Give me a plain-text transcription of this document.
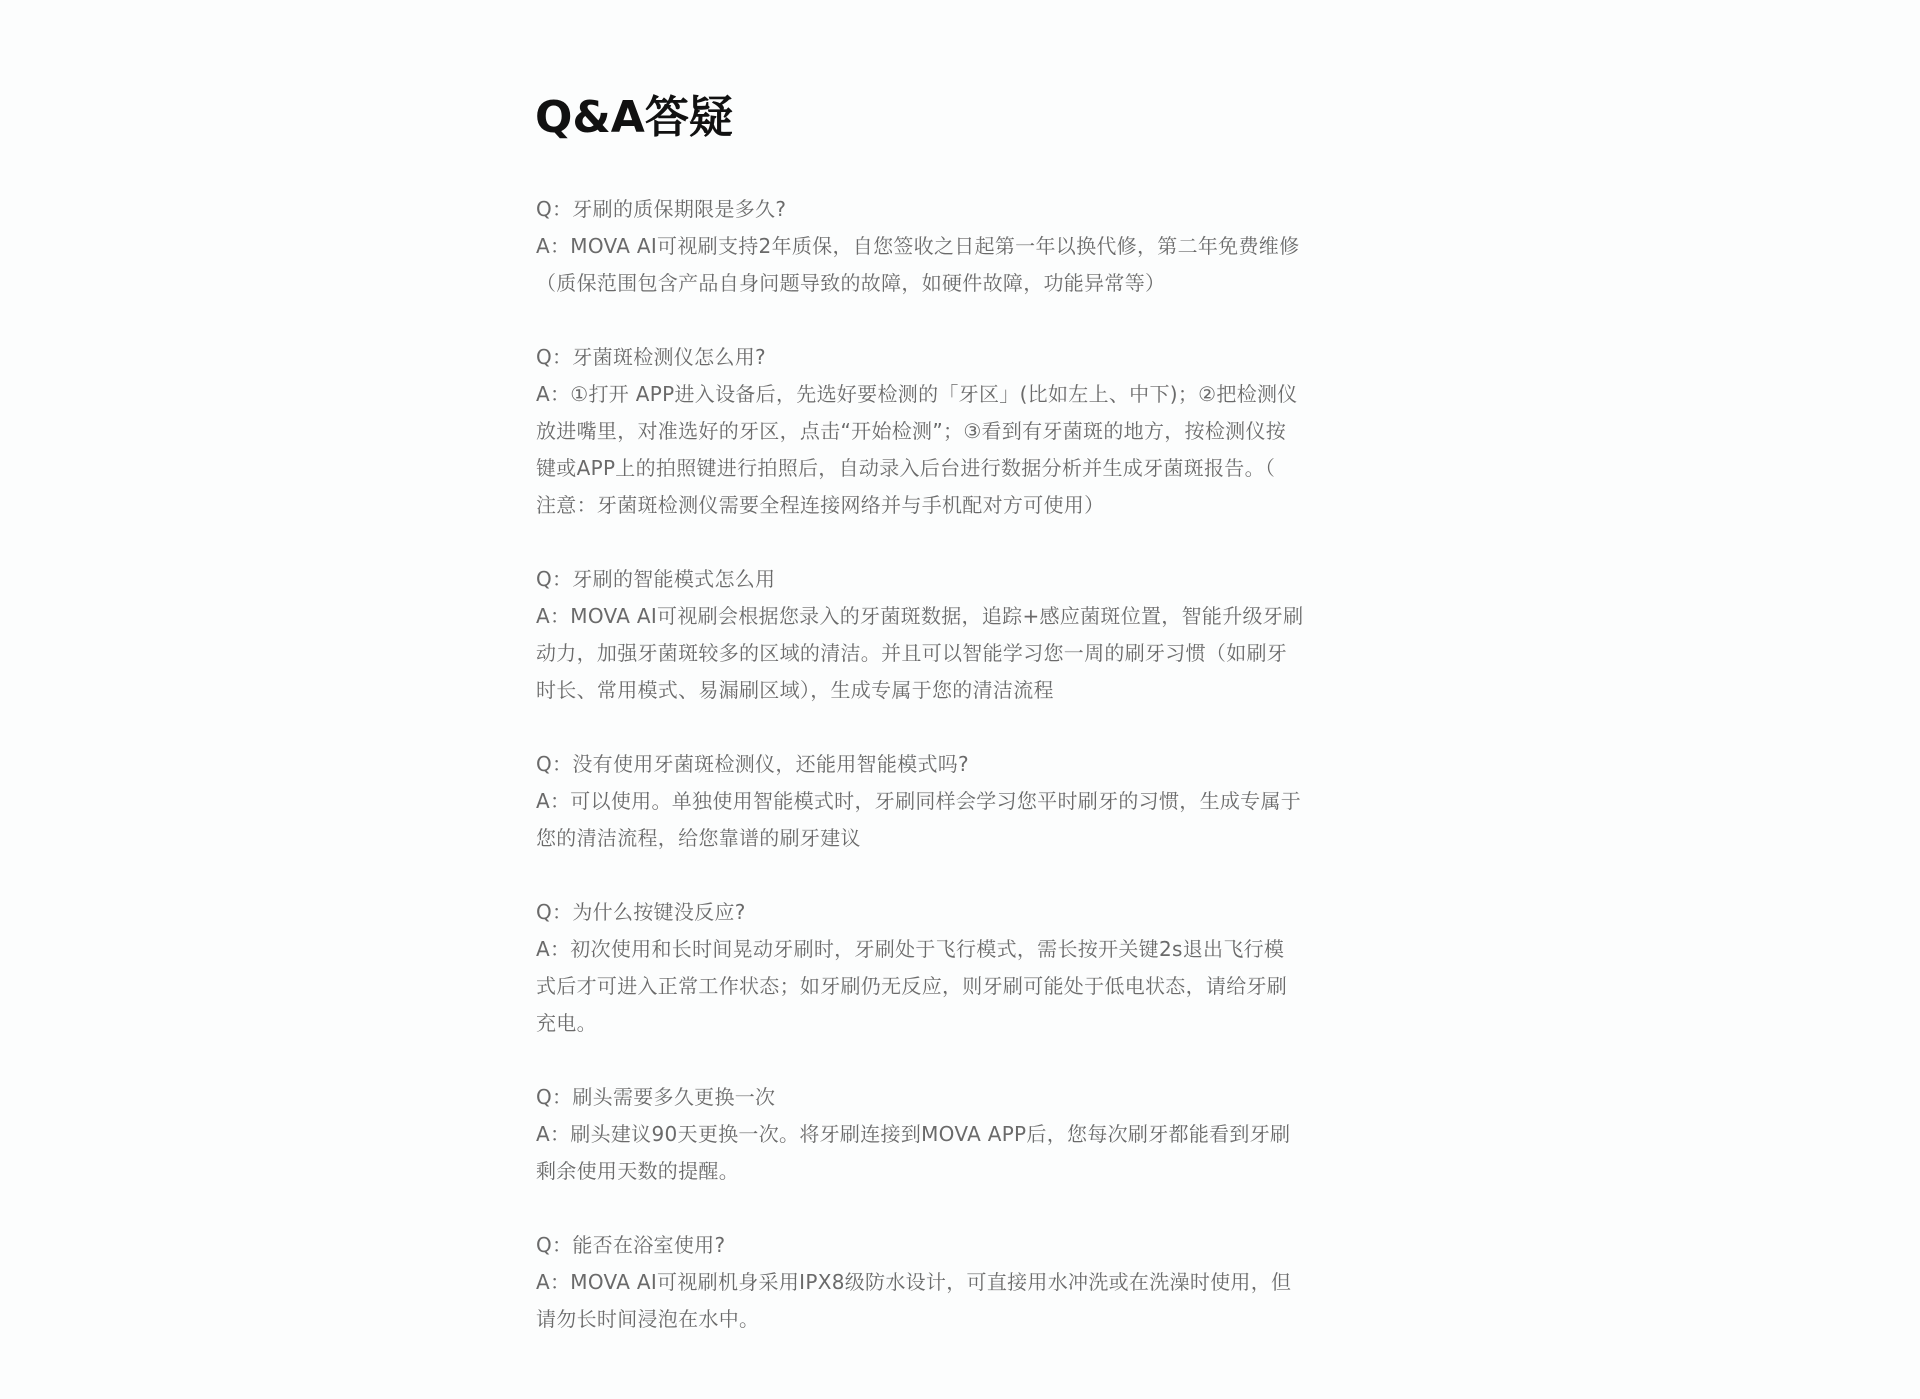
Q&A答疑

Q：牙刷的质保期限是多久?

A：MOVA AI可视刷支持2年质保，自您签收之日起第一年以换代修，第二年免费维修
（质保范围包含产品自身问题导致的故障，如硬件故障，功能异常等）

Q：牙菌斑检测仪怎么用?

A：①打开 APP进入设备后，先选好要检测的「牙区」(比如左上、中下)；②把检测仪
放进嘴里，对准选好的牙区，点击“开始检测”；③看到有牙菌斑的地方，按检测仪按
键或APP上的拍照键进行拍照后，自动录入后台进行数据分析并生成牙菌斑报告。（
注意：牙菌斑检测仪需要全程连接网络并与手机配对方可使用）

Q：牙刷的智能模式怎么用

A：MOVA AI可视刷会根据您录入的牙菌斑数据，追踪+感应菌斑位置，智能升级牙刷
动力，加强牙菌斑较多的区域的清洁。并且可以智能学习您一周的刷牙习惯（如刷牙
时长、常用模式、易漏刷区域），生成专属于您的清洁流程

Q：没有使用牙菌斑检测仪，还能用智能模式吗?

A：可以使用。单独使用智能模式时，牙刷同样会学习您平时刷牙的习惯，生成专属于
您的清洁流程，给您靠谱的刷牙建议

Q：为什么按键没反应?

A：初次使用和长时间晃动牙刷时，牙刷处于飞行模式，需长按开关键2s退出飞行模
式后才可进入正常工作状态；如牙刷仍无反应，则牙刷可能处于低电状态，请给牙刷
充电。

Q：刷头需要多久更换一次

A：刷头建议90天更换一次。将牙刷连接到MOVA APP后，您每次刷牙都能看到牙刷
剩余使用天数的提醒。

Q：能否在浴室使用?

A：MOVA AI可视刷机身采用IPX8级防水设计，可直接用水冲洗或在洗澡时使用，但
请勿长时间浸泡在水中。
